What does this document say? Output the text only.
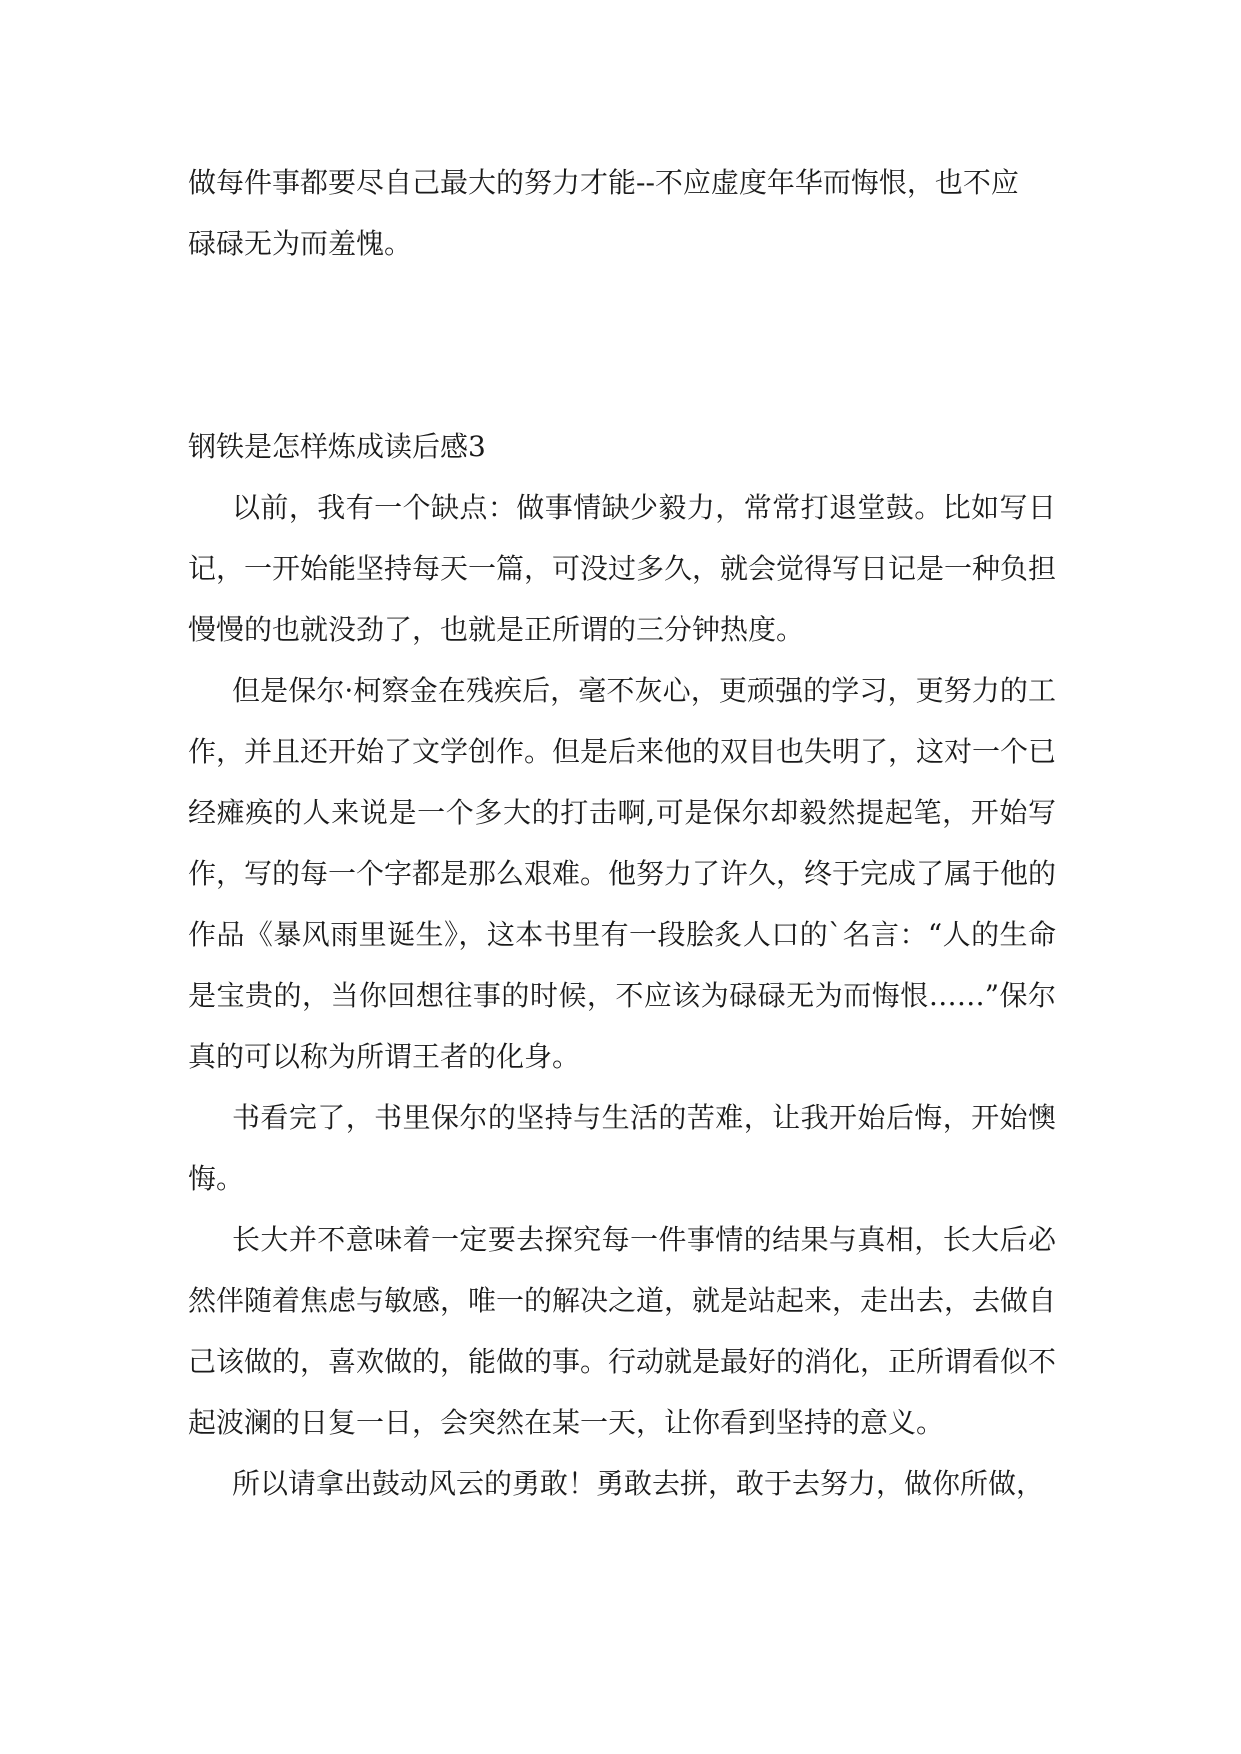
做每件事都要尽自己最大的努力才能--不应虚度年华而悔恨，也不应
碌碌无为而羞愧。
钢铁是怎样炼成读后感3
以前，我有一个缺点：做事情缺少毅力，常常打退堂鼓。比如写日记，一开始能坚持每天一篇，可没过多久，就会觉得写日记是一种负担慢慢的也就没劲了，也就是正所谓的三分钟热度。
但是保尔·柯察金在残疾后，毫不灰心，更顽强的学习，更努力的工作，并且还开始了文学创作。但是后来他的双目也失明了，这对一个已经瘫痪的人来说是一个多大的打击啊,可是保尔却毅然提起笔，开始写作，写的每一个字都是那么艰难。他努力了许久，终于完成了属于他的作品《暴风雨里诞生》，这本书里有一段脍炙人口的`名言：“人的生命是宝贵的，当你回想往事的时候，不应该为碌碌无为而悔恨……”保尔真的可以称为所谓王者的化身。
书看完了，书里保尔的坚持与生活的苦难，让我开始后悔，开始懊悔。
长大并不意味着一定要去探究每一件事情的结果与真相，长大后必然伴随着焦虑与敏感，唯一的解决之道，就是站起来，走出去，去做自己该做的，喜欢做的，能做的事。行动就是最好的消化，正所谓看似不起波澜的日复一日，会突然在某一天，让你看到坚持的意义。
所以请拿出鼓动风云的勇敢！勇敢去拼，敢于去努力，做你所做，
